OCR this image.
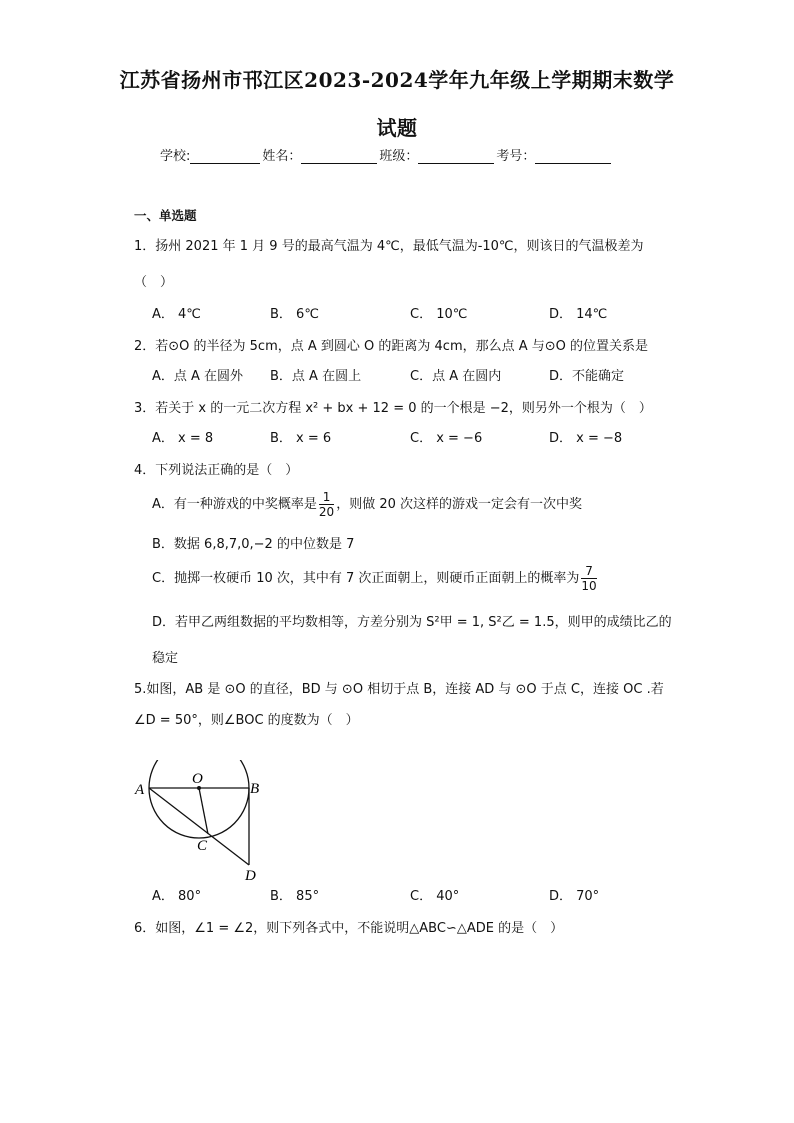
江苏省扬州市邗江区2023-2024学年九年级上学期期末数学
试题
学校:	姓名：	班级：	考号：
一、单选题
1．扬州 2021 年 1 月 9 号的最高气温为 4℃，最低气温为-10℃，则该日的气温极差为
（　）
A． 4℃	B． 6℃	C． 10℃	D． 14℃
2．若⊙O 的半径为 5cm，点 A 到圆心 O 的距离为 4cm，那么点 A 与⊙O 的位置关系是
A．点 A 在圆外 B．点 A 在圆上	C．点 A 在圆内	D．不能确定
3．若关于 x 的一元二次方程 x² + bx + 12 = 0 的一个根是 −2，则另外一个根为（　）
A． x = 8	B． x = 6	C． x = −6	D． x = −8
4．下列说法正确的是（　）
A．有一种游戏的中奖概率是 $\frac{1}{20}$ ，则做 20 次这样的游戏一定会有一次中奖
B．数据 6,8,7,0,−2 的中位数是 7
C．抛掷一枚硬币 10 次，其中有 7 次正面朝上，则硬币正面朝上的概率为 $\frac{7}{10}$
D．若甲乙两组数据的平均数相等，方差分别为 S²甲 = 1, S²乙 = 1.5，则甲的成绩比乙的
稳定
5.如图，AB 是 ⊙O 的直径，BD 与 ⊙O 相切于点 B，连接 AD 与 ⊙O 于点 C，连接 OC .若
∠D = 50°，则∠BOC 的度数为（　）
O
A	B
C
D
A． 80°	B． 85°	C． 40°	D． 70°
6．如图，∠1 = ∠2，则下列各式中，不能说明△ABC∽△ADE 的是（　）
